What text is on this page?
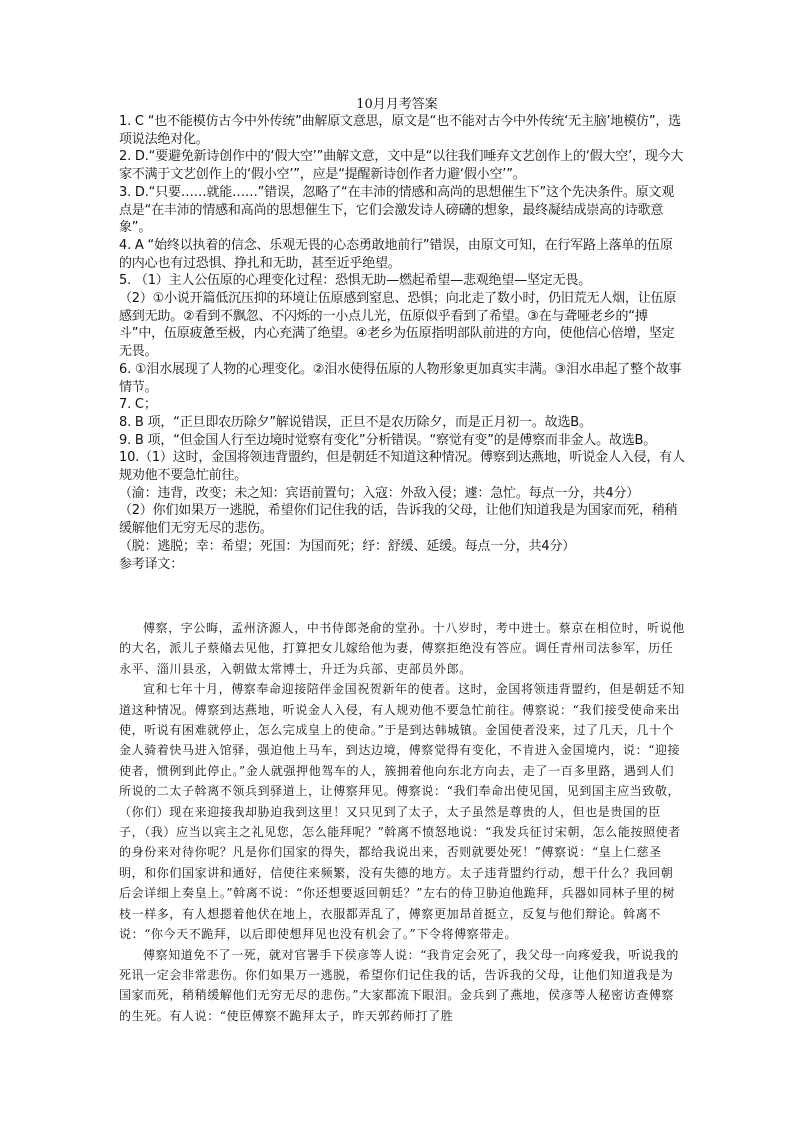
10月月考答案

1. C “也不能模仿古今中外传统”曲解原文意思，原文是“也不能对古今中外传统‘无主脑’地模仿”，选项说法绝对化。

2. D.“要避免新诗创作中的‘假大空’”曲解文意，文中是“以往我们唾弃文艺创作上的‘假大空’，现今大家不满于文艺创作上的‘假小空’”，应是“提醒新诗创作者力避‘假小空’”。

3. D.“只要……就能……”错误，忽略了“在丰沛的情感和高尚的思想催生下”这个先决条件。原文观点是“在丰沛的情感和高尚的思想催生下，它们会激发诗人磅礴的想象，最终凝结成崇高的诗歌意象”。

4. A “始终以执着的信念、乐观无畏的心态勇敢地前行”错误，由原文可知，在行军路上落单的伍原的内心也有过恐惧、挣扎和无助，甚至近乎绝望。

5. （1）主人公伍原的心理变化过程：恐惧无助—燃起希望—悲观绝望—坚定无畏。

（2）①小说开篇低沉压抑的环境让伍原感到窒息、恐惧；向北走了数小时，仍旧荒无人烟，让伍原感到无助。②看到不飘忽、不闪烁的一小点儿光，伍原似乎看到了希望。③在与聋哑老乡的“搏斗”中，伍原疲惫至极，内心充满了绝望。④老乡为伍原指明部队前进的方向，使他信心倍增，坚定无畏。

6. ①泪水展现了人物的心理变化。②泪水使得伍原的人物形象更加真实丰满。③泪水串起了整个故事情节。

7. C；

8. B 项，“正旦即农历除夕”解说错误，正旦不是农历除夕，而是正月初一。故选B。

9. B 项，“但金国人行至边境时觉察有变化”分析错误。“察觉有变”的是傅察而非金人。故选B。

10.（1）这时，金国将领违背盟约，但是朝廷不知道这种情况。傅察到达燕地，听说金人入侵，有人规劝他不要急忙前往。

（渝：违背，改变；未之知：宾语前置句；入寇：外敌入侵；遽：急忙。每点一分，共4分）

（2）你们如果万一逃脱，希望你们记住我的话，告诉我的父母，让他们知道我是为国家而死，稍稍缓解他们无穷无尽的悲伤。

（脱：逃脱；幸：希望；死国：为国而死；纾：舒缓、延缓。每点一分，共4分）

参考译文：

傅察，字公晦，孟州济源人，中书侍郎尧俞的堂孙。十八岁时，考中进士。蔡京在相位时，听说他的大名，派儿子蔡翛去见他，打算把女儿嫁给他为妻，傅察拒绝没有答应。调任青州司法参军，历任永平、淄川县丞，入朝做太常博士，升迁为兵部、吏部员外郎。

宣和七年十月，傅察奉命迎接陪伴金国祝贺新年的使者。这时，金国将领违背盟约，但是朝廷不知道这种情况。傅察到达燕地，听说金人入侵，有人规劝他不要急忙前往。傅察说：“我们接受使命来出使，听说有困难就停止，怎么完成皇上的使命。”于是到达韩城镇。金国使者没来，过了几天，几十个金人骑着快马进入馆驿，强迫他上马车，到达边境，傅察觉得有变化，不肯进入金国境内，说：“迎接使者，惯例到此停止。”金人就强押他驾车的人，簇拥着他向东北方向去，走了一百多里路，遇到人们所说的二太子斡离不领兵到驿道上，让傅察拜见。傅察说：“我们奉命出使见国，见到国主应当致敬，（你们）现在来迎接我却胁迫我到这里！又只见到了太子，太子虽然是尊贵的人，但也是贵国的臣子，（我）应当以宾主之礼见您，怎么能拜呢？”斡离不愤怒地说：“我发兵征讨宋朝，怎么能按照使者的身份来对待你呢？凡是你们国家的得失，都给我说出来，否则就要处死！”傅察说：“皇上仁慈圣明，和你们国家讲和通好，信使往来频繁，没有失德的地方。太子违背盟约行动，想干什么？我回朝后会详细上奏皇上。”斡离不说：“你还想要返回朝廷？”左右的侍卫胁迫他跪拜，兵器如同林子里的树枝一样多，有人想摁着他伏在地上，衣服都弄乱了，傅察更加昂首挺立，反复与他们辩论。斡离不说：“你今天不跪拜，以后即使想拜见也没有机会了。”下令将傅察带走。

傅察知道免不了一死，就对官署手下侯彦等人说：“我肯定会死了，我父母一向疼爱我，听说我的死讯一定会非常悲伤。你们如果万一逃脱，希望你们记住我的话，告诉我的父母，让他们知道我是为国家而死，稍稍缓解他们无穷无尽的悲伤。”大家都流下眼泪。金兵到了燕地，侯彦等人秘密访查傅察的生死。有人说：“使臣傅察不跪拜太子，昨天郭药师打了胜
